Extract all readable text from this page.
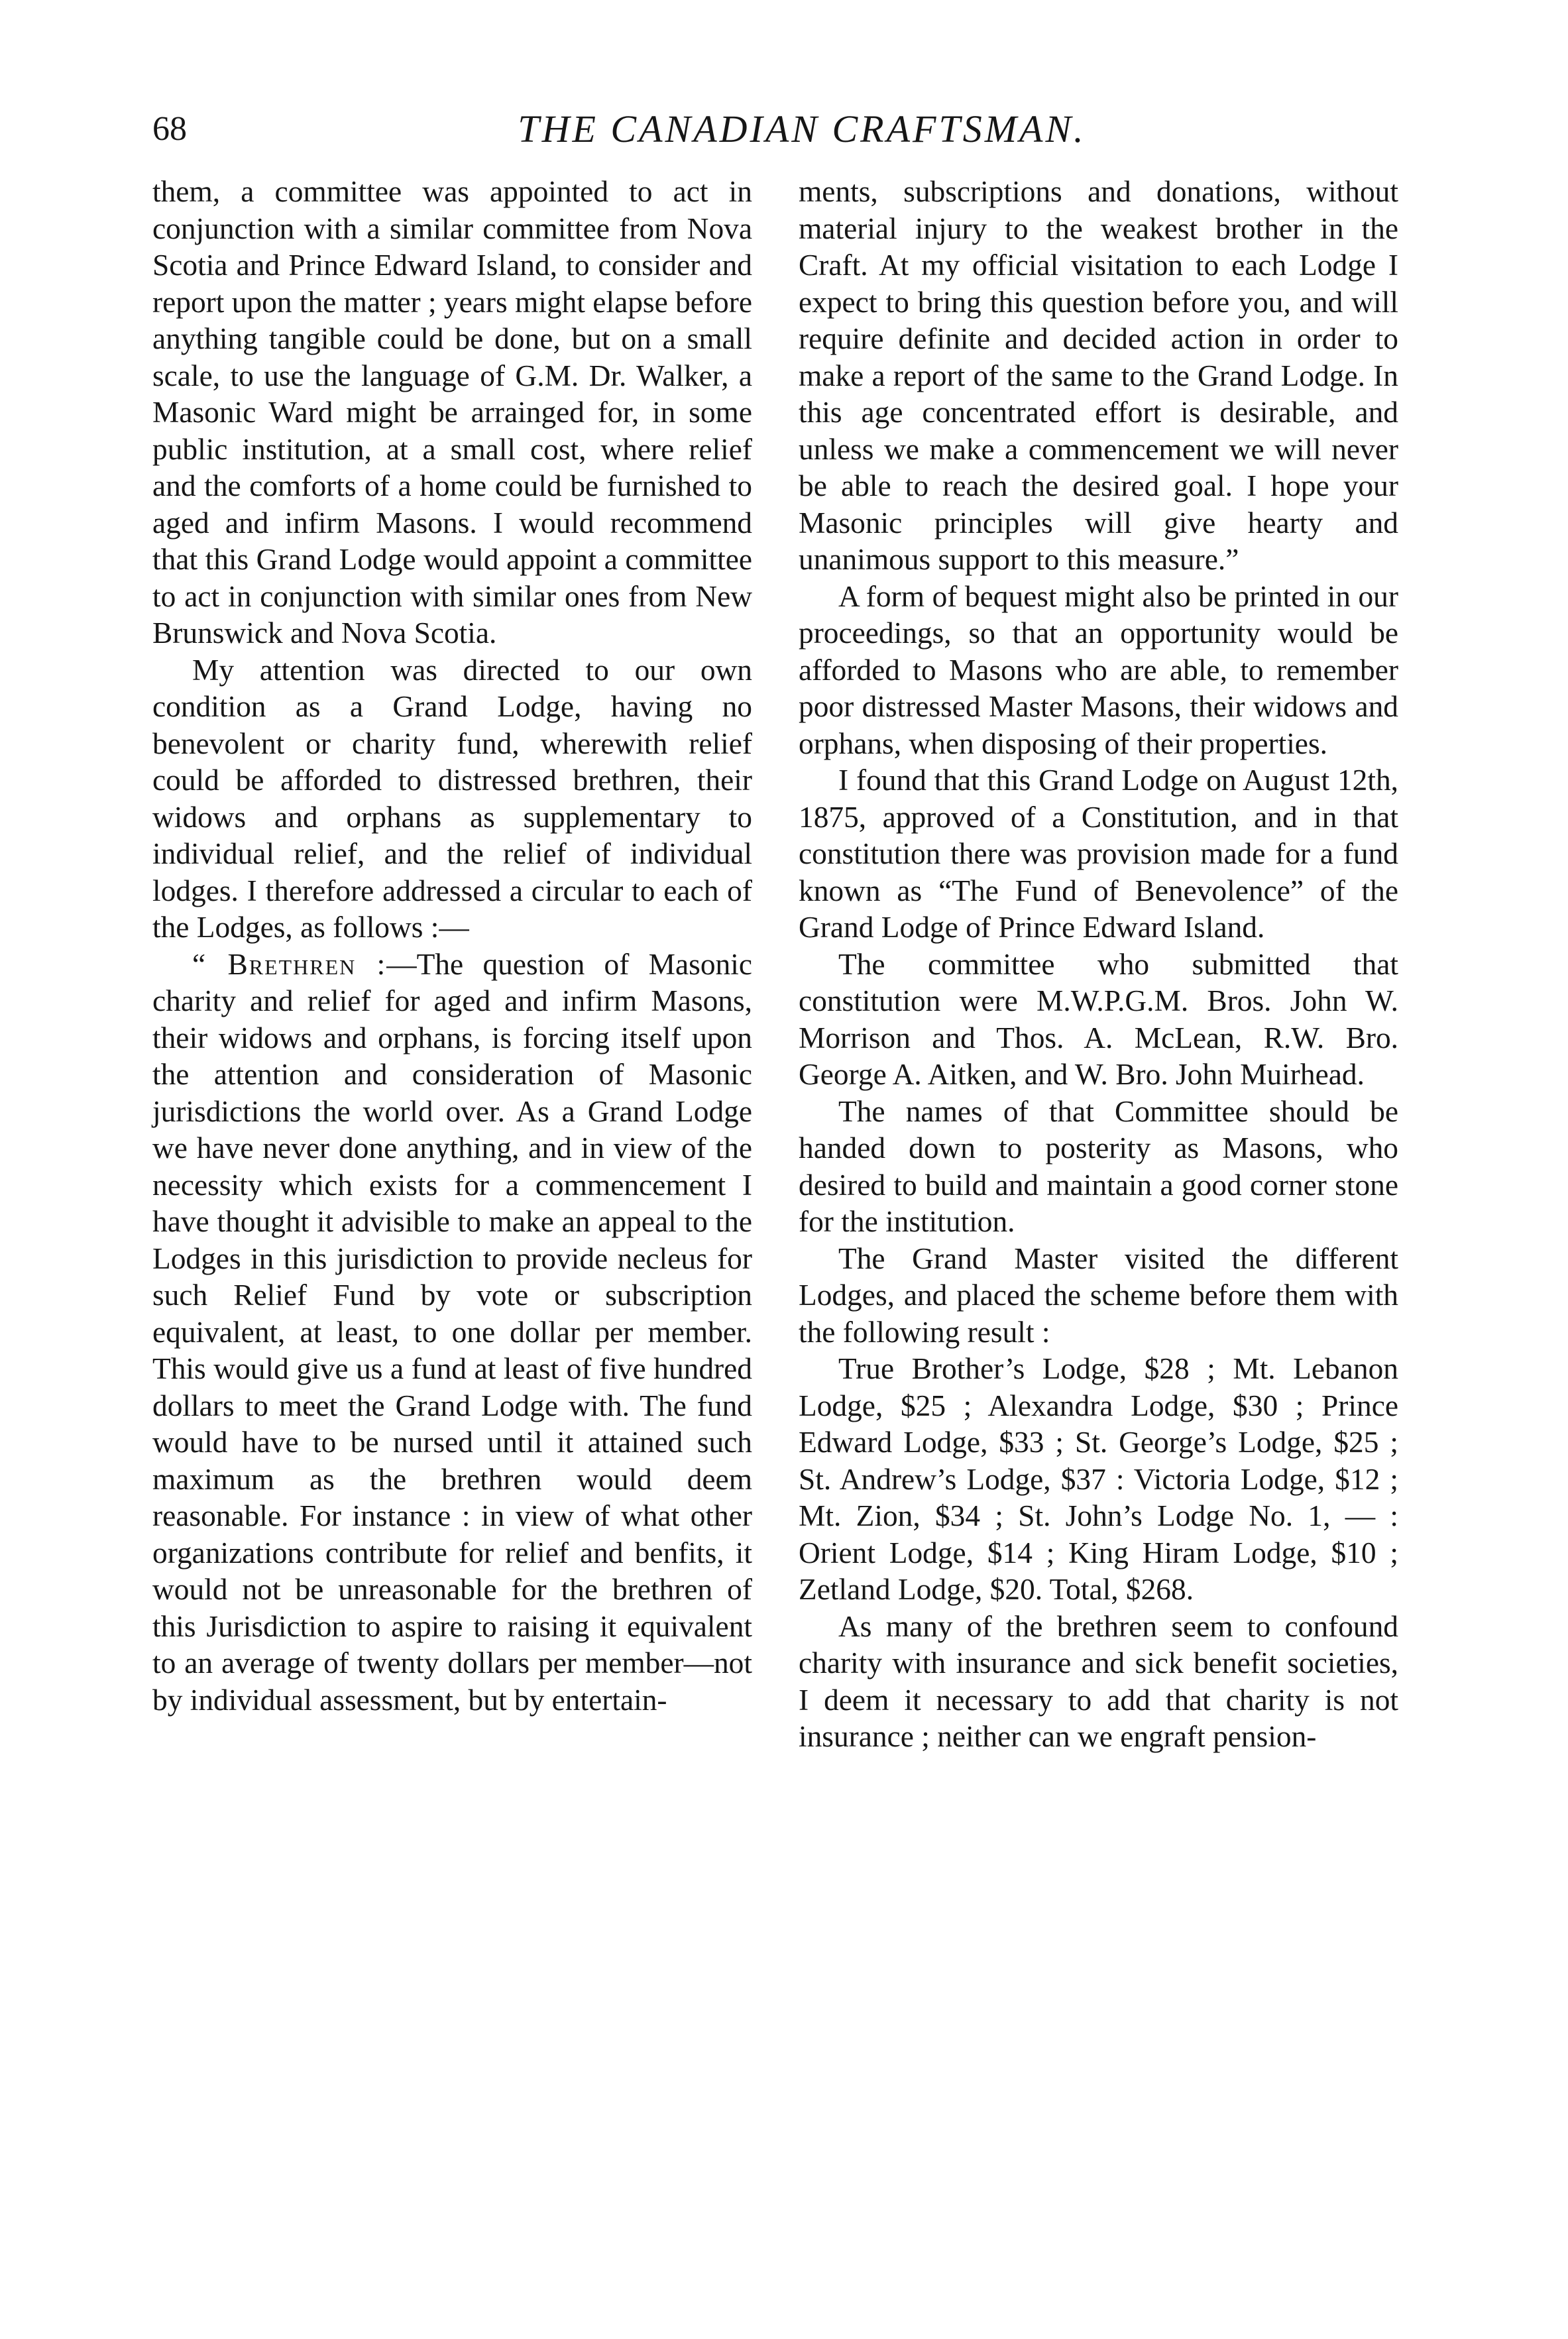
68	THE CANADIAN CRAFTSMAN.

them, a committee was appointed to act in conjunction with a similar committee from Nova Scotia and Prince Edward Island, to consider and report upon the matter ; years might elapse before anything tangible could be done, but on a small scale, to use the language of G.M. Dr. Walker, a Masonic Ward might be arrainged for, in some public institution, at a small cost, where relief and the comforts of a home could be furnished to aged and infirm Masons. I would recommend that this Grand Lodge would appoint a committee to act in conjunction with similar ones from New Brunswick and Nova Scotia.

My attention was directed to our own condition as a Grand Lodge, having no benevolent or charity fund, wherewith relief could be afforded to distressed brethren, their widows and orphans as supplementary to individual relief, and the relief of individual lodges. I therefore addressed a circular to each of the Lodges, as follows :—

“ Brethren :—The question of Masonic charity and relief for aged and infirm Masons, their widows and orphans, is forcing itself upon the attention and consideration of Masonic jurisdictions the world over. As a Grand Lodge we have never done anything, and in view of the necessity which exists for a commencement I have thought it advisible to make an appeal to the Lodges in this jurisdiction to provide necleus for such Relief Fund by vote or subscription equivalent, at least, to one dollar per member. This would give us a fund at least of five hundred dollars to meet the Grand Lodge with. The fund would have to be nursed until it attained such maximum as the brethren would deem reasonable. For instance : in view of what other organizations contribute for relief and benfits, it would not be unreasonable for the brethren of this Jurisdiction to aspire to raising it equivalent to an average of twenty dollars per member—not by individual assessment, but by entertain-

ments, subscriptions and donations, without material injury to the weakest brother in the Craft. At my official visitation to each Lodge I expect to bring this question before you, and will require definite and decided action in order to make a report of the same to the Grand Lodge. In this age concentrated effort is desirable, and unless we make a commencement we will never be able to reach the desired goal. I hope your Masonic principles will give hearty and unanimous support to this measure.”

A form of bequest might also be printed in our proceedings, so that an opportunity would be afforded to Masons who are able, to remember poor distressed Master Masons, their widows and orphans, when disposing of their properties.

I found that this Grand Lodge on August 12th, 1875, approved of a Constitution, and in that constitution there was provision made for a fund known as “The Fund of Benevolence” of the Grand Lodge of Prince Edward Island.

The committee who submitted that constitution were M.W.P.G.M. Bros. John W. Morrison and Thos. A. McLean, R.W. Bro. George A. Aitken, and W. Bro. John Muirhead.

The names of that Committee should be handed down to posterity as Masons, who desired to build and maintain a good corner stone for the institution.

The Grand Master visited the different Lodges, and placed the scheme before them with the following result :

True Brother’s Lodge, $28 ; Mt. Lebanon Lodge, $25 ; Alexandra Lodge, $30 ; Prince Edward Lodge, $33 ; St. George’s Lodge, $25 ; St. Andrew’s Lodge, $37 : Victoria Lodge, $12 ; Mt. Zion, $34 ; St. John’s Lodge No. 1, — : Orient Lodge, $14 ; King Hiram Lodge, $10 ; Zetland Lodge, $20. Total, $268.

As many of the brethren seem to confound charity with insurance and sick benefit societies, I deem it necessary to add that charity is not insurance ; neither can we engraft pension-
